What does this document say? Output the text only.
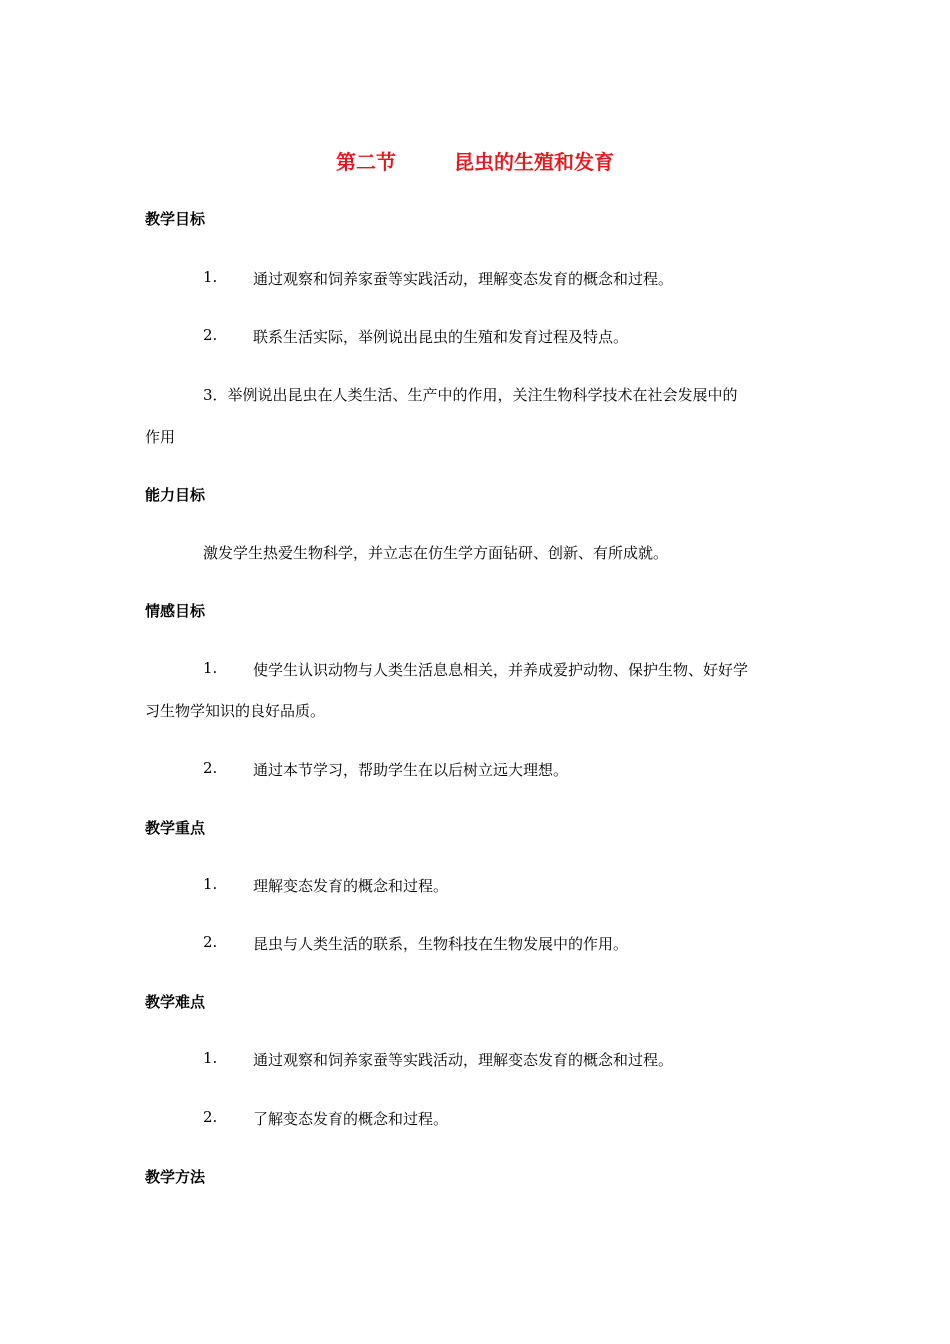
第二节	昆虫的生殖和发育
教学目标
1. 通过观察和饲养家蚕等实践活动，理解变态发育的概念和过程。
2. 联系生活实际，举例说出昆虫的生殖和发育过程及特点。
3．举例说出昆虫在人类生活、生产中的作用，关注生物科学技术在社会发展中的
作用
能力目标
激发学生热爱生物科学，并立志在仿生学方面钻研、创新、有所成就。
情感目标
1. 使学生认识动物与人类生活息息相关，并养成爱护动物、保护生物、好好学
习生物学知识的良好品质。
2. 通过本节学习，帮助学生在以后树立远大理想。
教学重点
1. 理解变态发育的概念和过程。
2. 昆虫与人类生活的联系，生物科技在生物发展中的作用。
教学难点
1. 通过观察和饲养家蚕等实践活动，理解变态发育的概念和过程。
2. 了解变态发育的概念和过程。
教学方法
